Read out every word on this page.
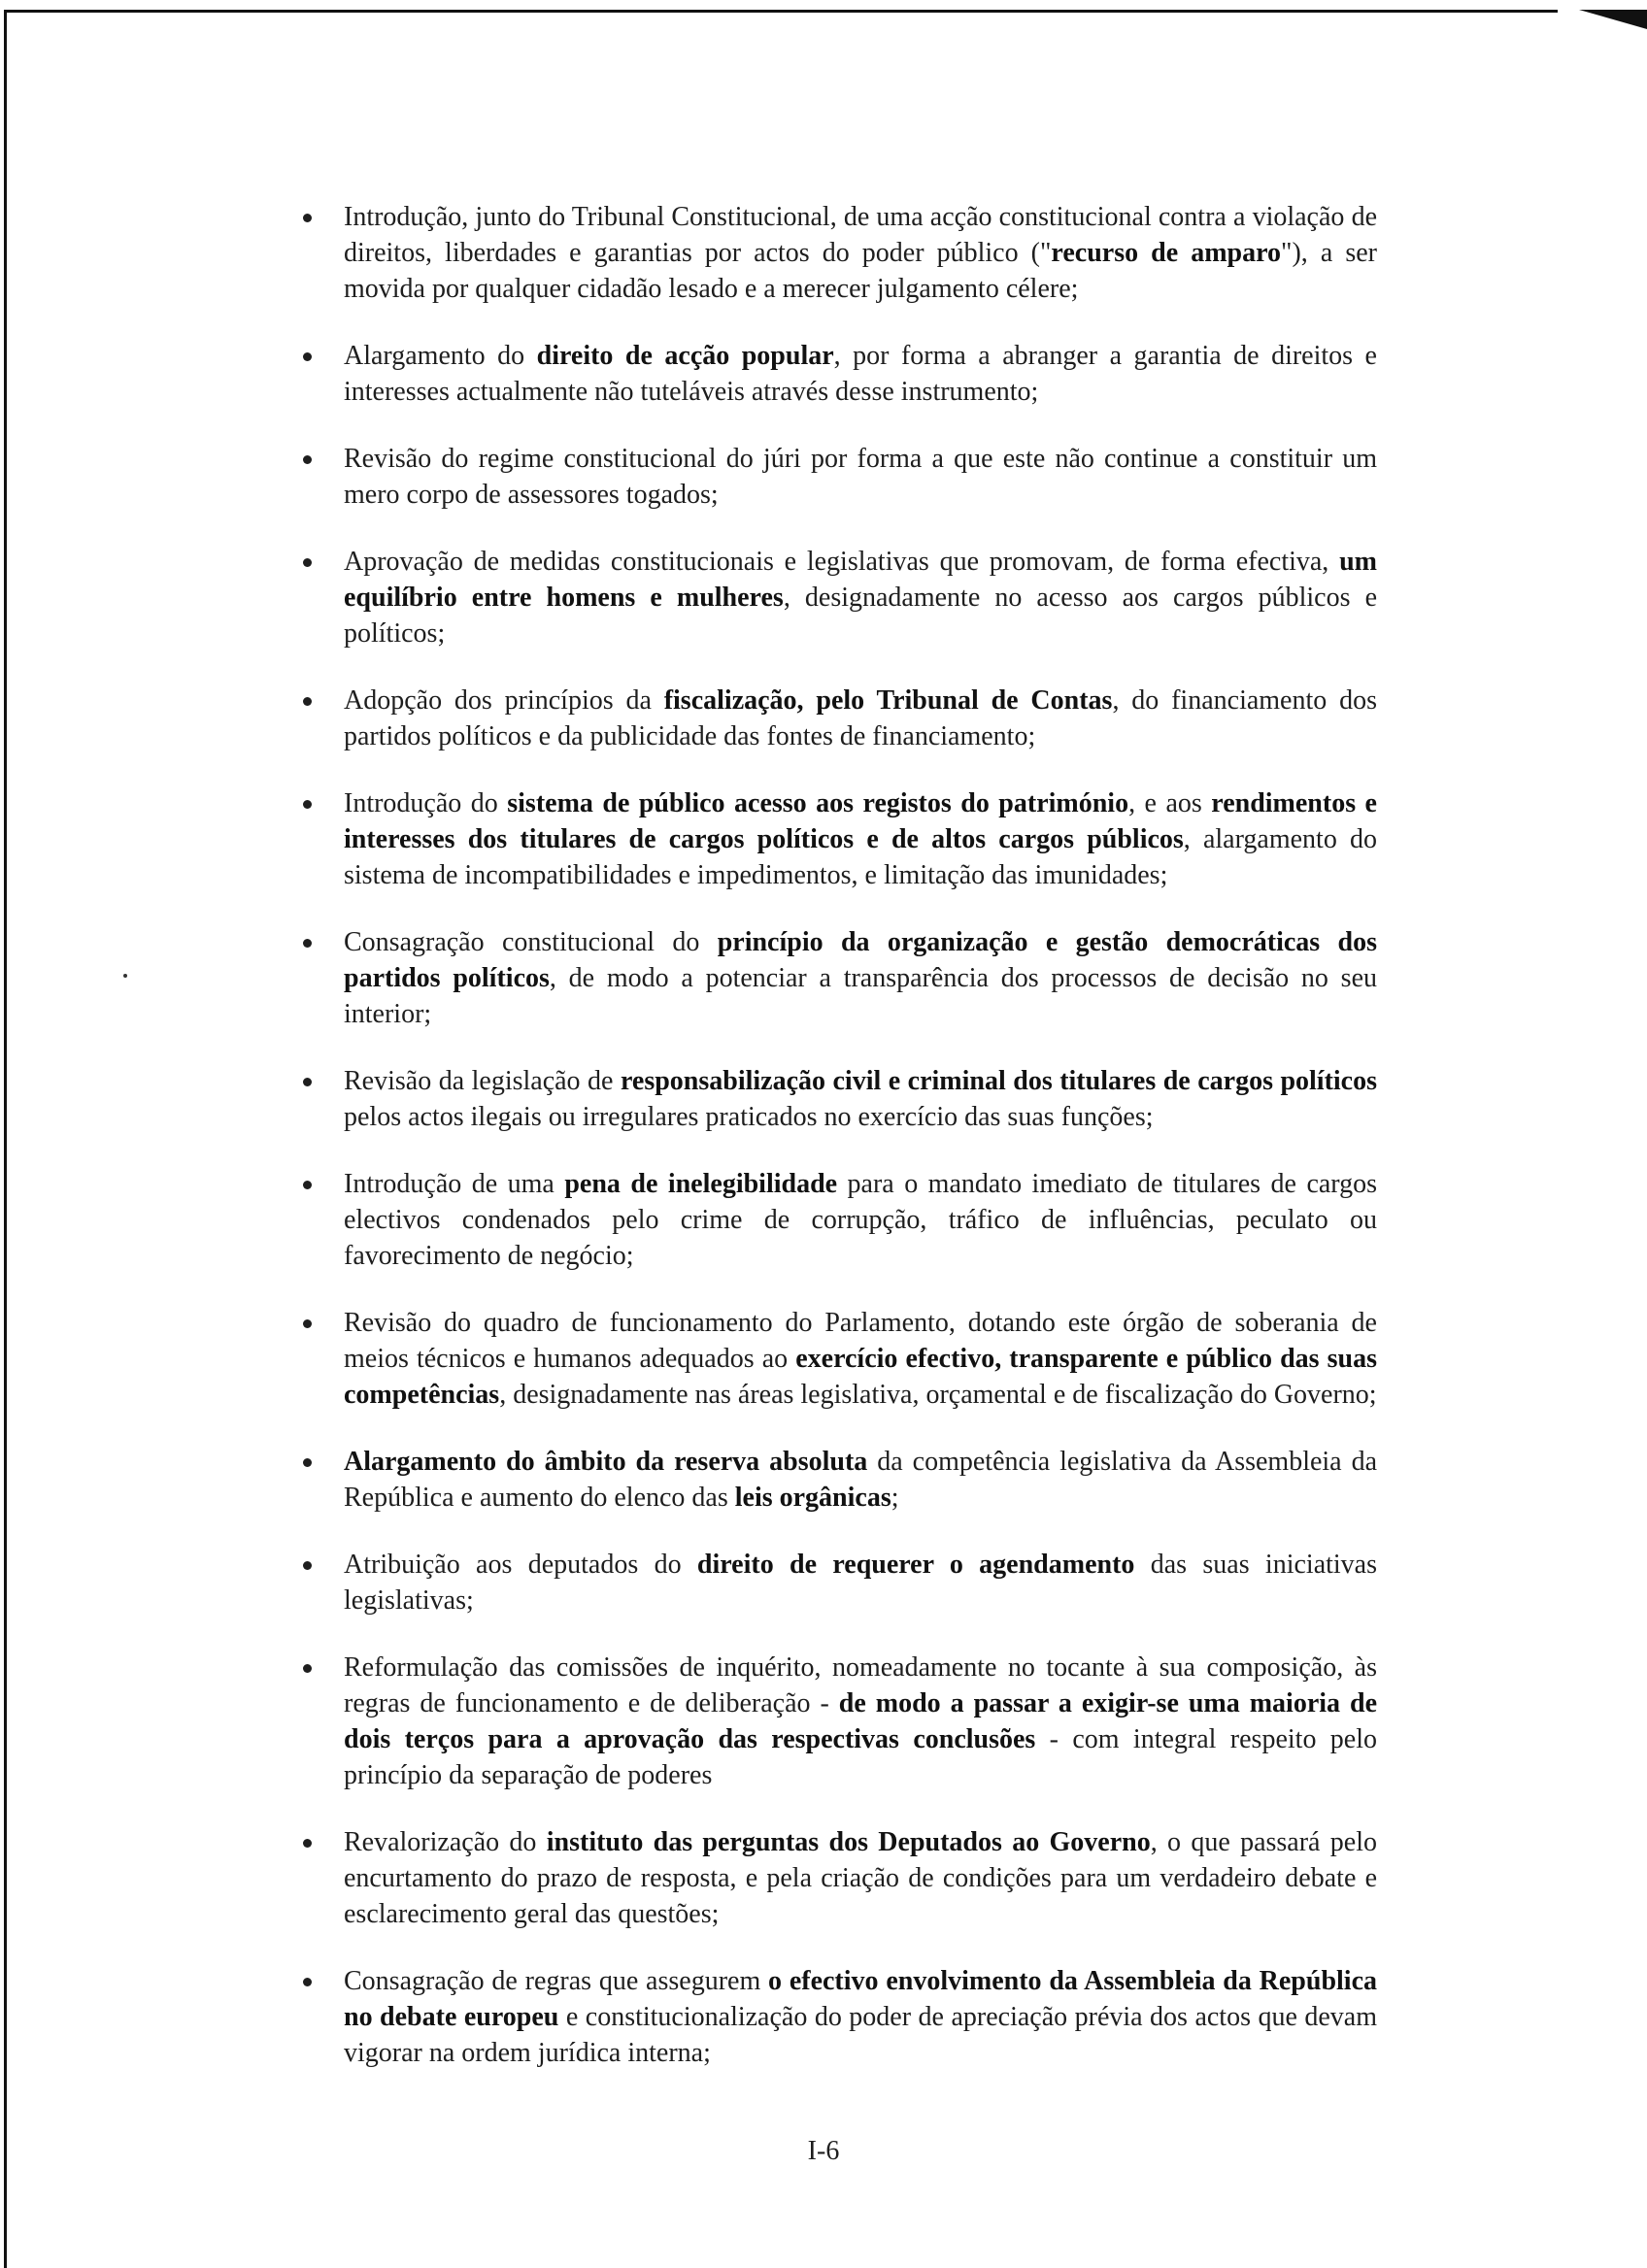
Introdução, junto do Tribunal Constitucional, de uma acção constitucional contra a violação de direitos, liberdades e garantias por actos do poder público ("recurso de amparo"), a ser movida por qualquer cidadão lesado e a merecer julgamento célere;
Alargamento do direito de acção popular, por forma a abranger a garantia de direitos e interesses actualmente não tuteláveis através desse instrumento;
Revisão do regime constitucional do júri por forma a que este não continue a constituir um mero corpo de assessores togados;
Aprovação de medidas constitucionais e legislativas que promovam, de forma efectiva, um equilíbrio entre homens e mulheres, designadamente no acesso aos cargos públicos e políticos;
Adopção dos princípios da fiscalização, pelo Tribunal de Contas, do financiamento dos partidos políticos e da publicidade das fontes de financiamento;
Introdução do sistema de público acesso aos registos do património, e aos rendimentos e interesses dos titulares de cargos políticos e de altos cargos públicos, alargamento do sistema de incompatibilidades e impedimentos, e limitação das imunidades;
Consagração constitucional do princípio da organização e gestão democráticas dos partidos políticos, de modo a potenciar a transparência dos processos de decisão no seu interior;
Revisão da legislação de responsabilização civil e criminal dos titulares de cargos políticos pelos actos ilegais ou irregulares praticados no exercício das suas funções;
Introdução de uma pena de inelegibilidade para o mandato imediato de titulares de cargos electivos condenados pelo crime de corrupção, tráfico de influências, peculato ou favorecimento de negócio;
Revisão do quadro de funcionamento do Parlamento, dotando este órgão de soberania de meios técnicos e humanos adequados ao exercício efectivo, transparente e público das suas competências, designadamente nas áreas legislativa, orçamental e de fiscalização do Governo;
Alargamento do âmbito da reserva absoluta da competência legislativa da Assembleia da República e aumento do elenco das leis orgânicas;
Atribuição aos deputados do direito de requerer o agendamento das suas iniciativas legislativas;
Reformulação das comissões de inquérito, nomeadamente no tocante à sua composição, às regras de funcionamento e de deliberação - de modo a passar a exigir-se uma maioria de dois terços para a aprovação das respectivas conclusões - com integral respeito pelo princípio da separação de poderes
Revalorização do instituto das perguntas dos Deputados ao Governo, o que passará pelo encurtamento do prazo de resposta, e pela criação de condições para um verdadeiro debate e esclarecimento geral das questões;
Consagração de regras que assegurem o efectivo envolvimento da Assembleia da República no debate europeu e constitucionalização do poder de apreciação prévia dos actos que devam vigorar na ordem jurídica interna;
I-6
